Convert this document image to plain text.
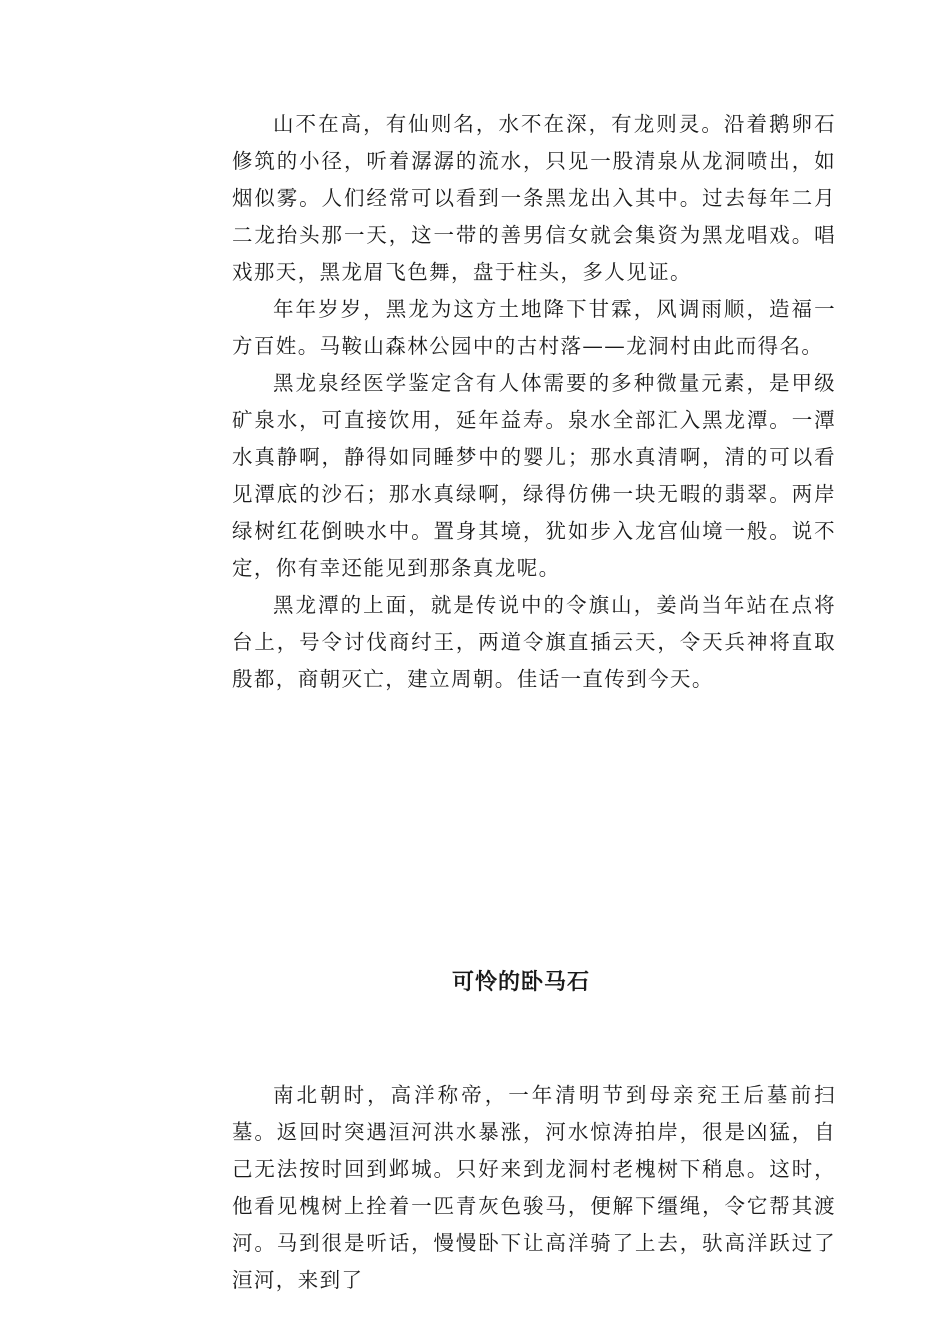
山不在高，有仙则名，水不在深，有龙则灵。沿着鹅卵石修筑的小径，听着潺潺的流水，只见一股清泉从龙洞喷出，如烟似雾。人们经常可以看到一条黑龙出入其中。过去每年二月二龙抬头那一天，这一带的善男信女就会集资为黑龙唱戏。唱戏那天，黑龙眉飞色舞，盘于柱头，多人见证。

年年岁岁，黑龙为这方土地降下甘霖，风调雨顺，造福一方百姓。马鞍山森林公园中的古村落——龙洞村由此而得名。

黑龙泉经医学鉴定含有人体需要的多种微量元素，是甲级矿泉水，可直接饮用，延年益寿。泉水全部汇入黑龙潭。一潭水真静啊，静得如同睡梦中的婴儿；那水真清啊，清的可以看见潭底的沙石；那水真绿啊，绿得仿佛一块无暇的翡翠。两岸绿树红花倒映水中。置身其境，犹如步入龙宫仙境一般。说不定，你有幸还能见到那条真龙呢。

黑龙潭的上面，就是传说中的令旗山，姜尚当年站在点将台上，号令讨伐商纣王，两道令旗直插云天，令天兵神将直取殷都，商朝灭亡，建立周朝。佳话一直传到今天。

可怜的卧马石

南北朝时，高洋称帝，一年清明节到母亲兖王后墓前扫墓。返回时突遇洹河洪水暴涨，河水惊涛拍岸，很是凶猛，自己无法按时回到邺城。只好来到龙洞村老槐树下稍息。这时，他看见槐树上拴着一匹青灰色骏马，便解下缰绳，令它帮其渡河。马到很是听话，慢慢卧下让高洋骑了上去，驮高洋跃过了洹河，来到了
